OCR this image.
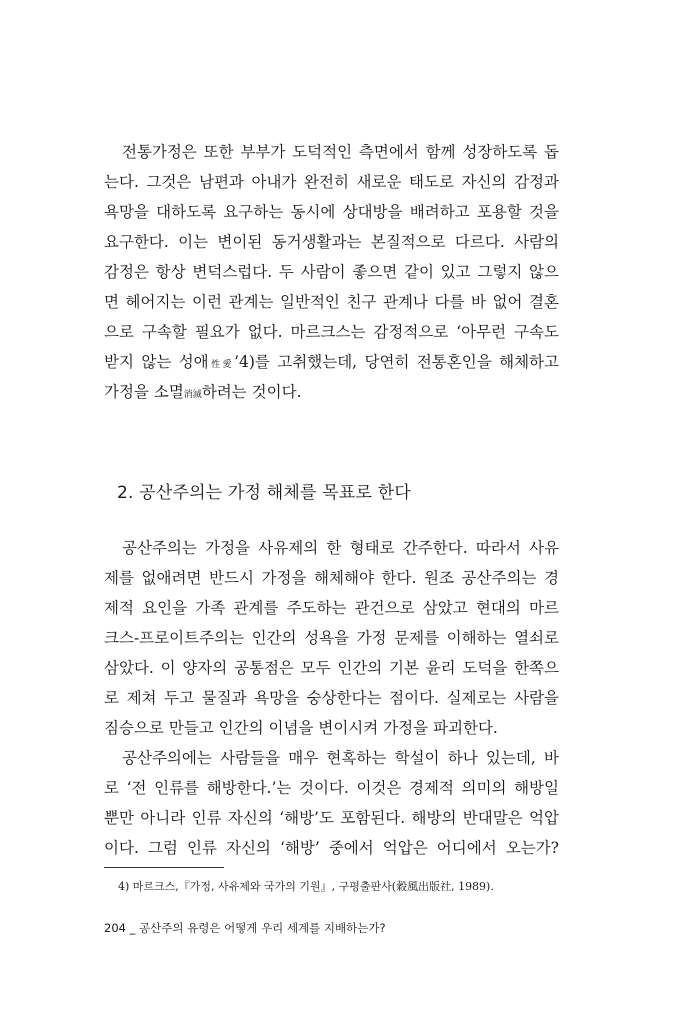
전통가정은 또한 부부가 도덕적인 측면에서 함께 성장하도록 돕
는다. 그것은 남편과 아내가 완전히 새로운 태도로 자신의 감정과
욕망을 대하도록 요구하는 동시에 상대방을 배려하고 포용할 것을
요구한다. 이는 변이된 동거생활과는 본질적으로 다르다. 사람의
감정은 항상 변덕스럽다. 두 사람이 좋으면 같이 있고 그렇지 않으
면 헤어지는 이런 관계는 일반적인 친구 관계나 다를 바 없어 결혼
으로 구속할 필요가 없다. 마르크스는 감정적으로 ‘아무런 구속도
받지 않는 성애性愛’4)를 고취했는데, 당연히 전통혼인을 해체하고
가정을 소멸消滅하려는 것이다.
2. 공산주의는 가정 해체를 목표로 한다
공산주의는 가정을 사유제의 한 형태로 간주한다. 따라서 사유
제를 없애려면 반드시 가정을 해체해야 한다. 원조 공산주의는 경
제적 요인을 가족 관계를 주도하는 관건으로 삼았고 현대의 마르
크스-프로이트주의는 인간의 성욕을 가정 문제를 이해하는 열쇠로
삼았다. 이 양자의 공통점은 모두 인간의 기본 윤리 도덕을 한쪽으
로 제쳐 두고 물질과 욕망을 숭상한다는 점이다. 실제로는 사람을
짐승으로 만들고 인간의 이념을 변이시켜 가정을 파괴한다.
공산주의에는 사람들을 매우 현혹하는 학설이 하나 있는데, 바
로 ‘전 인류를 해방한다.’는 것이다. 이것은 경제적 의미의 해방일
뿐만 아니라 인류 자신의 ‘해방’도 포함된다. 해방의 반대말은 억압
이다. 그럼 인류 자신의 ‘해방’ 중에서 억압은 어디에서 오는가?
4) 마르크스,『가정, 사유제와 국가의 기원』, 구평출판사(穀風出版社, 1989).
204 _ 공산주의 유령은 어떻게 우리 세계를 지배하는가?
